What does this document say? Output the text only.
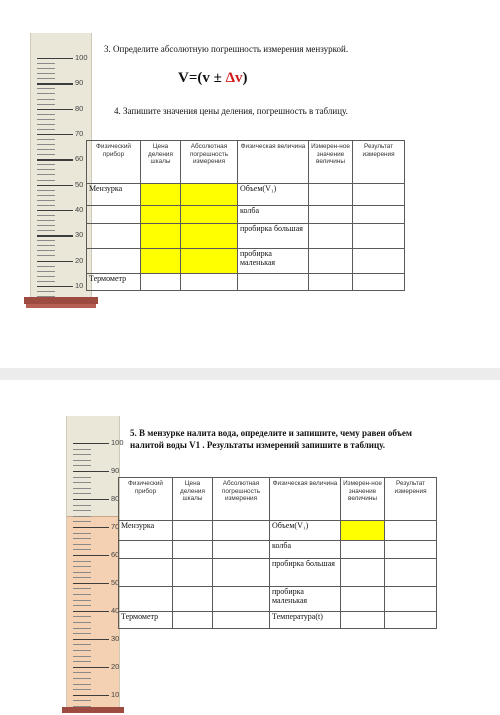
100
90
80
70
60
50
40
30
20
10
3. Определите абсолютную погрешность измерения мензуркой.
V=(v ± Δv)
4. Запишите значения цены деления, погрешность в таблицу.
Физический прибор	Цена деления шкалы	Абсолютная погрешность измерения	Физическая величина	Измерен-ное значение величины	Результат измерения
Мензурка			Объем(V₁)		
			колба		
			пробирка большая		
			пробирка маленькая		
Термометр					
100
90
80
70
60
50
40
30
20
10
5. В мензурке налита вода, определите и запишите, чему равен объем налитой воды V1 . Результаты измерений запишите в таблицу.
Физический прибор	Цена деления шкалы	Абсолютная погрешность измерения	Физическая величина	Измерен-ное значение величины	Результат измерения
Мензурка			Объем(V₁)		
			колба		
			пробирка большая		
			пробирка маленькая		
Термометр			Температура(t)		
